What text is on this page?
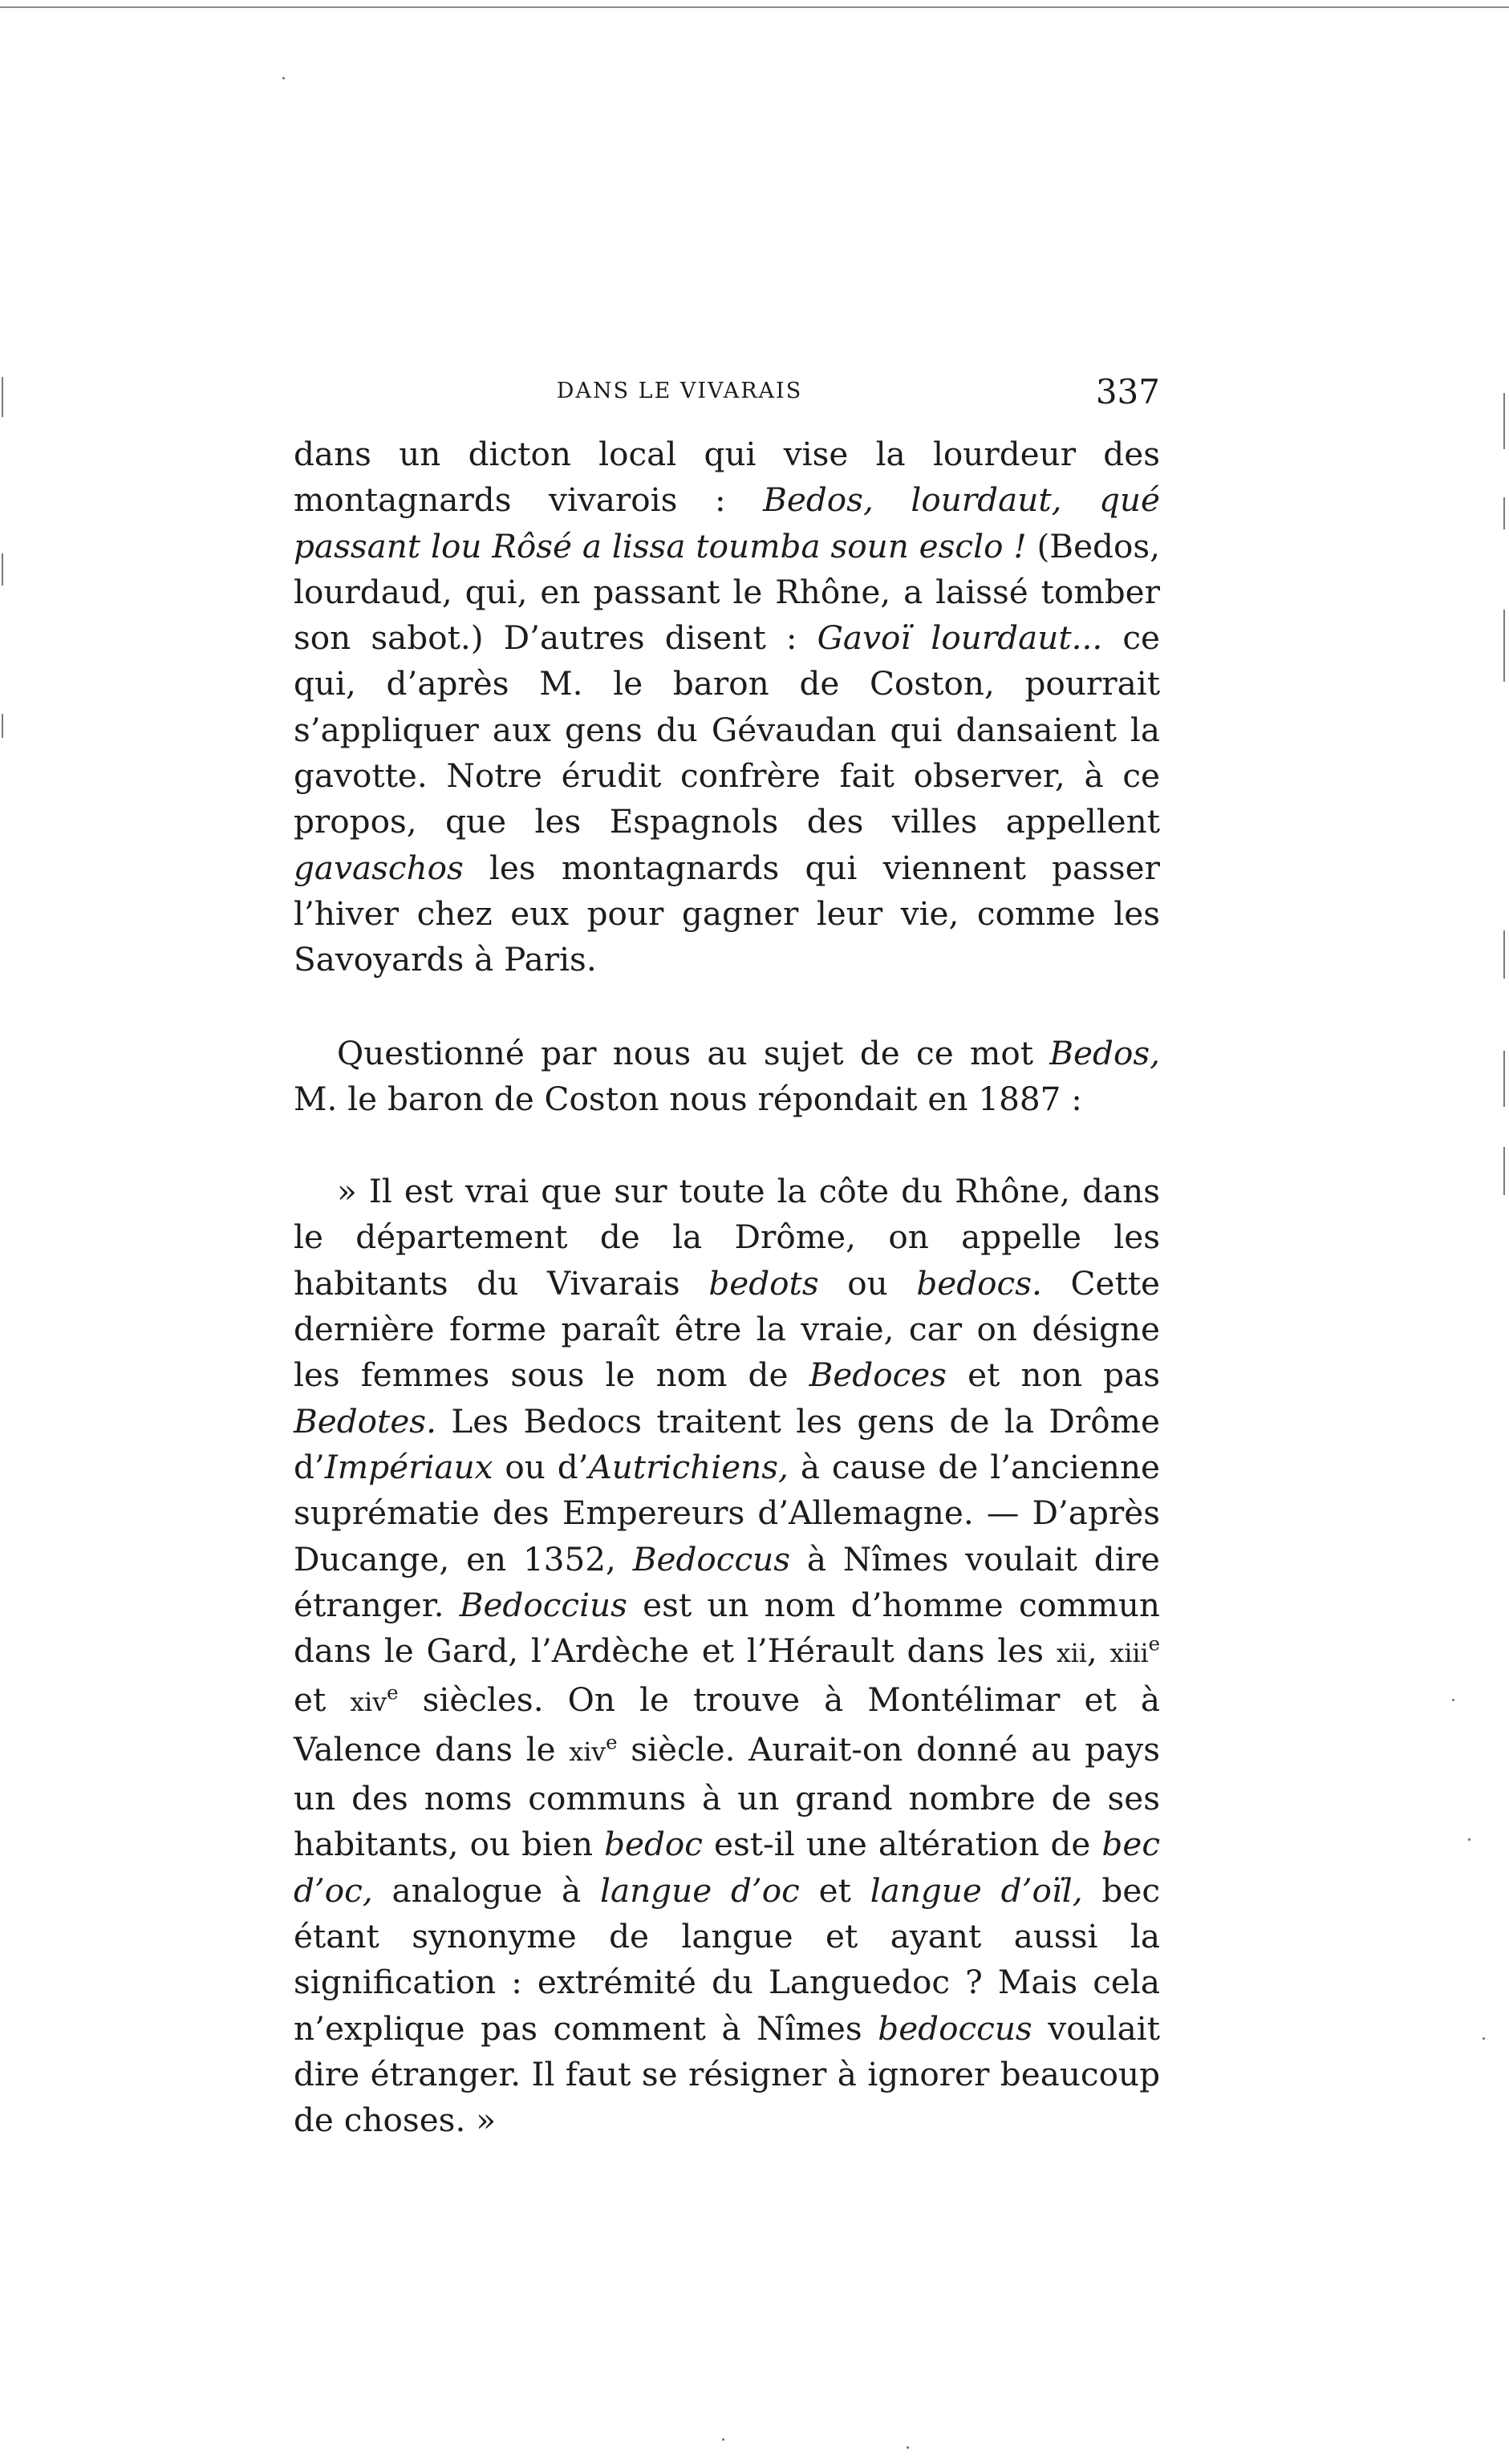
DANS LE VIVARAIS	337

dans un dicton local qui vise la lourdeur des montagnards vivarois : Bedos, lourdaut, qué passant lou Rôsé a lissa toumba soun esclo ! (Bedos, lourdaud, qui, en passant le Rhône, a laissé tomber son sabot.) D’autres disent : Gavoï lourdaut... ce qui, d’après M. le baron de Coston, pourrait s’appliquer aux gens du Gévaudan qui dansaient la gavotte. Notre érudit confrère fait observer, à ce propos, que les Espagnols des villes appellent gavaschos les montagnards qui viennent passer l’hiver chez eux pour gagner leur vie, comme les Savoyards à Paris.

Questionné par nous au sujet de ce mot Bedos, M. le baron de Coston nous répondait en 1887 :

» Il est vrai que sur toute la côte du Rhône, dans le département de la Drôme, on appelle les habitants du Vivarais bedots ou bedocs. Cette dernière forme paraît être la vraie, car on désigne les femmes sous le nom de Bedoces et non pas Bedotes. Les Bedocs traitent les gens de la Drôme d’Impériaux ou d’Autrichiens, à cause de l’ancienne suprématie des Empereurs d’Allemagne. — D’après Ducange, en 1352, Bedoccus à Nîmes voulait dire étranger. Bedoccius est un nom d’homme commun dans le Gard, l’Ardèche et l’Hérault dans les xii, xiii$^e$ et xiv$^e$ siècles. On le trouve à Montélimar et à Valence dans le xiv$^e$ siècle. Aurait-on donné au pays un des noms communs à un grand nombre de ses habitants, ou bien bedoc est-il une altération de bec d’oc, analogue à langue d’oc et langue d’oïl, bec étant synonyme de langue et ayant aussi la signification : extrémité du Languedoc ? Mais cela n’explique pas comment à Nîmes bedoccus voulait dire étranger. Il faut se résigner à ignorer beaucoup de choses. »
